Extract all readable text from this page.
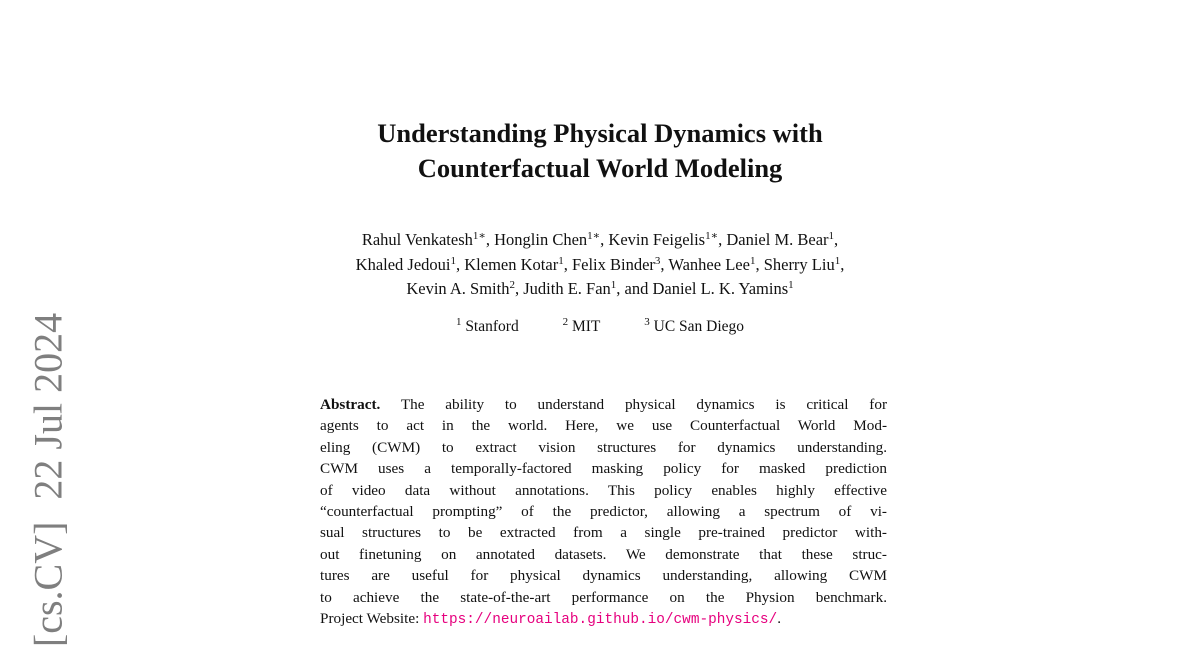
[cs.CV]22 Jul 2024
Understanding Physical Dynamics with
Counterfactual World Modeling
Rahul Venkatesh$^{1∗}$, Honglin Chen$^{1∗}$, Kevin Feigelis$^{1∗}$, Daniel M. Bear$^1$,
Khaled Jedoui$^1$, Klemen Kotar$^1$, Felix Binder$^3$, Wanhee Lee$^1$, Sherry Liu$^1$,
Kevin A. Smith$^2$, Judith E. Fan$^1$, and Daniel L. K. Yamins$^1$
$^1$ Stanford	$^2$ MIT	$^3$ UC San Diego
Abstract. The ability to understand physical dynamics is critical for
agents to act in the world. Here, we use Counterfactual World Mod-
eling (CWM) to extract vision structures for dynamics understanding.
CWM uses a temporally-factored masking policy for masked prediction
of video data without annotations. This policy enables highly effective
“counterfactual prompting” of the predictor, allowing a spectrum of vi-
sual structures to be extracted from a single pre-trained predictor with-
out finetuning on annotated datasets. We demonstrate that these struc-
tures are useful for physical dynamics understanding, allowing CWM
to achieve the state-of-the-art performance on the Physion benchmark.
Project Website: https://neuroailab.github.io/cwm-physics/.
